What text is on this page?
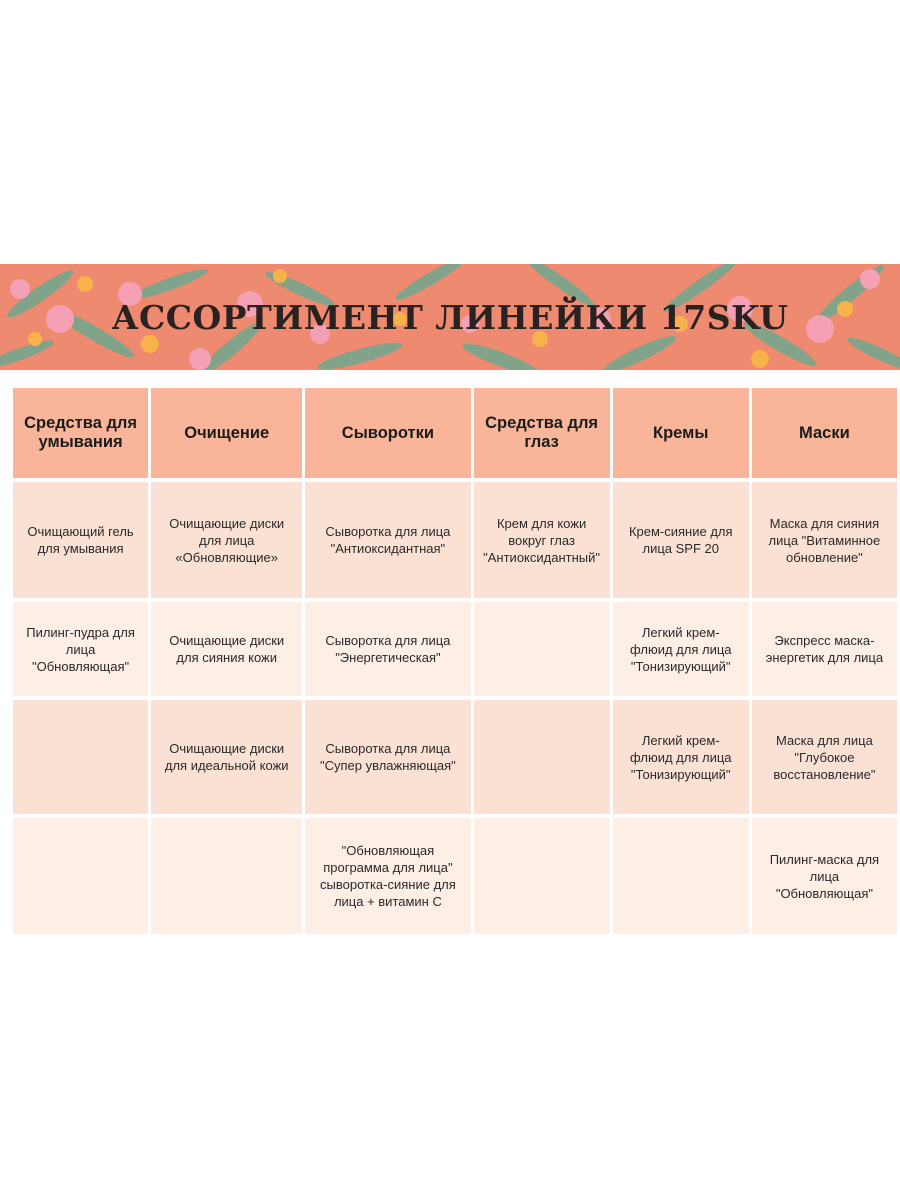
АССОРТИМЕНТ ЛИНЕЙКИ 17SKU
Средства для умывания	Очищение	Сыворотки	Средства для глаз	Кремы	Маски

Очищающий гель для умывания	Очищающие диски для лица «Обновляющие»	Сыворотка для лица "Антиоксидантная"	Крем для кожи вокруг глаз "Антиоксидантный"	Крем-сияние для лица SPF 20	Маска для сияния лица "Витаминное обновление"

Пилинг-пудра для лица "Обновляющая"	Очищающие диски для сияния кожи	Сыворотка для лица "Энергетическая"		Легкий крем-флюид для лица "Тонизирующий"	Экспресс маска-энергетик для лица

	Очищающие диски для идеальной кожи	Сыворотка для лица "Супер увлажняющая"		Легкий крем-флюид для лица "Тонизирующий"	Маска для лица "Глубокое восстановление"

		"Обновляющая программа для лица" сыворотка-сияние для лица + витамин С			Пилинг-маска для лица "Обновляющая"
